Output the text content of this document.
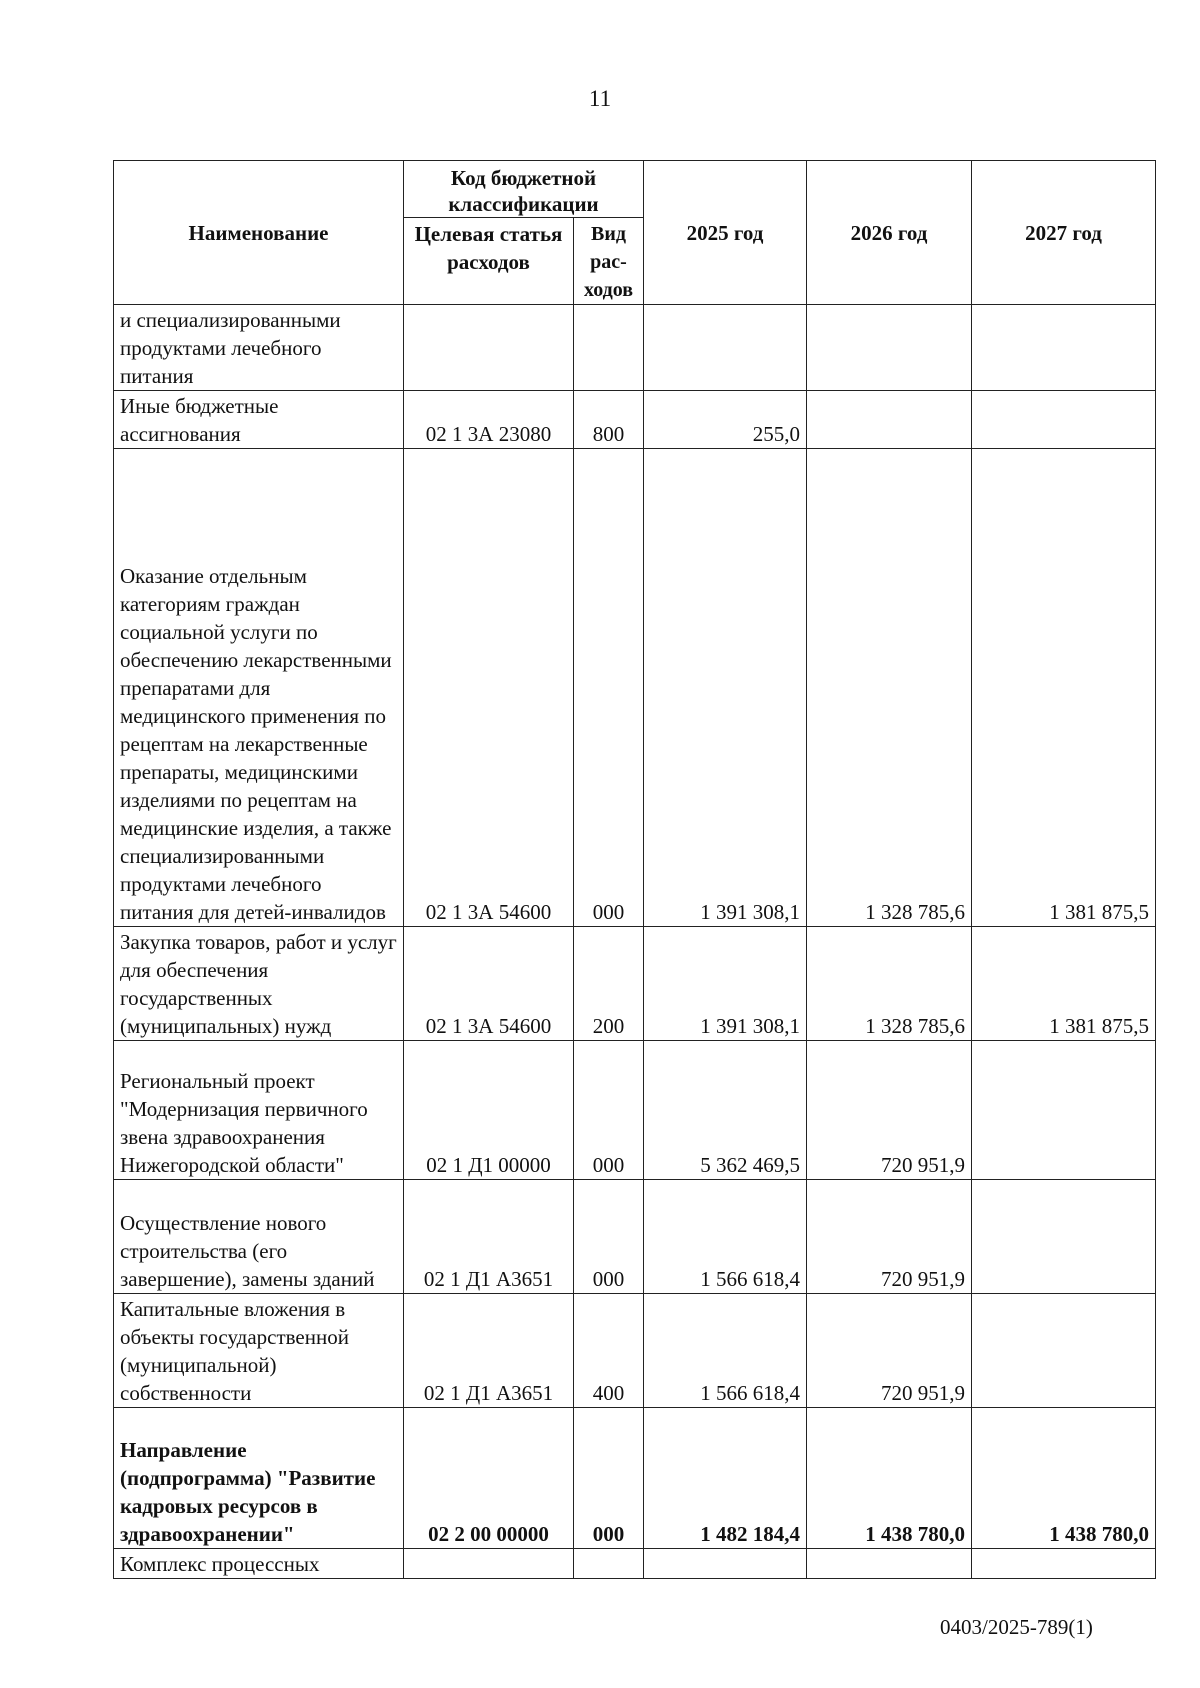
11
Наименование	Код бюджетной классификации		2025 год	2026 год	2027 год
	Целевая статья расходов	Вид рас-ходов			
и специализированными продуктами лечебного питания					
Иные бюджетные ассигнования	02 1 3А 23080	800	255,0		
Оказание отдельным категориям граждан социальной услуги по обеспечению лекарственными препаратами для медицинского применения по рецептам на лекарственные препараты, медицинскими изделиями по рецептам на медицинские изделия, а также специализированными продуктами лечебного питания для детей-инвалидов	02 1 3А 54600	000	1 391 308,1	1 328 785,6	1 381 875,5
Закупка товаров, работ и услуг для обеспечения государственных (муниципальных) нужд	02 1 3А 54600	200	1 391 308,1	1 328 785,6	1 381 875,5
Региональный проект "Модернизация первичного звена здравоохранения Нижегородской области"	02 1 Д1 00000	000	5 362 469,5	720 951,9	
Осуществление нового строительства (его завершение), замены зданий	02 1 Д1 А3651	000	1 566 618,4	720 951,9	
Капитальные вложения в объекты государственной (муниципальной) собственности	02 1 Д1 А3651	400	1 566 618,4	720 951,9	
Направление (подпрограмма) "Развитие кадровых ресурсов в здравоохранении"	02 2 00 00000	000	1 482 184,4	1 438 780,0	1 438 780,0
Комплекс процессных					
0403/2025-789(1)
